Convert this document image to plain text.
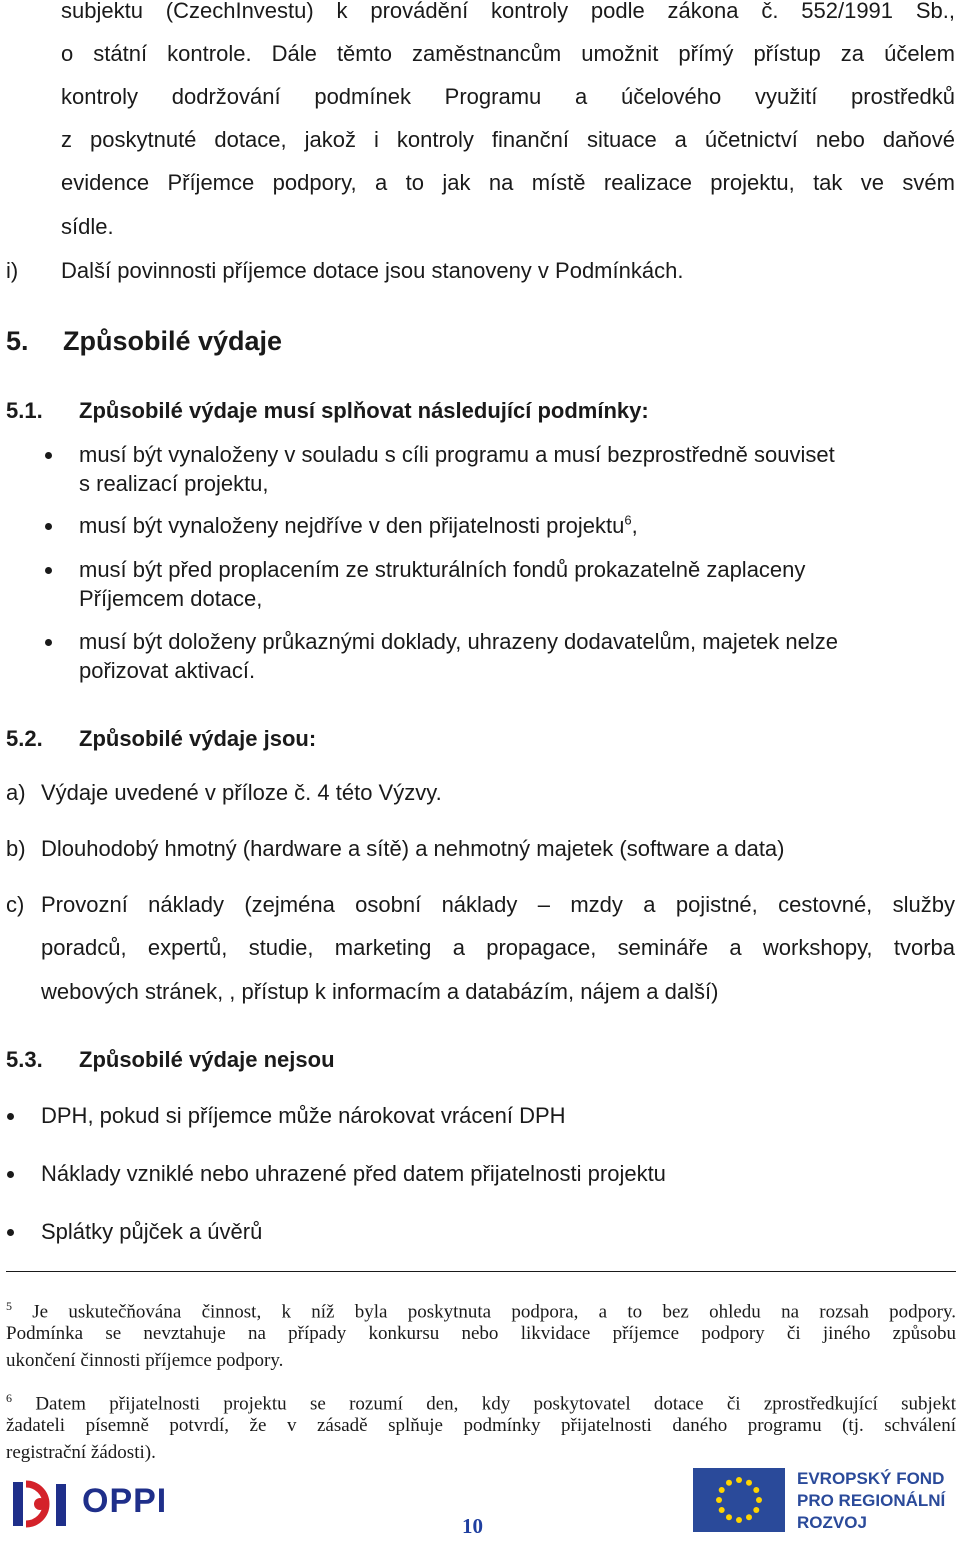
subjektu (CzechInvestu) k provádění kontroly podle zákona č. 552/1991 Sb.,
o státní kontrole. Dále těmto zaměstnancům umožnit přímý přístup za účelem
kontroly dodržování podmínek Programu a účelového využití prostředků
z poskytnuté dotace, jakož i kontroly finanční situace a účetnictví nebo daňové
evidence Příjemce podpory, a to jak na místě realizace projektu, tak ve svém
sídle.
i) Další povinnosti příjemce dotace jsou stanoveny v Podmínkách.
5. Způsobilé výdaje
5.1. Způsobilé výdaje musí splňovat následující podmínky:
musí být vynaloženy v souladu s cíli programu a musí bezprostředně souviset
s realizací projektu,
musí být vynaloženy nejdříve v den přijatelnosti projektu$^6$,
musí být před proplacením ze strukturálních fondů prokazatelně zaplaceny
Příjemcem dotace,
musí být doloženy průkaznými doklady, uhrazeny dodavatelům, majetek nelze
pořizovat aktivací.
5.2. Způsobilé výdaje jsou:
a) Výdaje uvedené v příloze č. 4 této Výzvy.
b) Dlouhodobý hmotný (hardware a sítě) a nehmotný majetek (software a data)
c) Provozní náklady (zejména osobní náklady – mzdy a pojistné, cestovné, služby
poradců, expertů, studie, marketing a propagace, semináře a workshopy, tvorba
webových stránek, , přístup k informacím a databázím, nájem a další)
5.3. Způsobilé výdaje nejsou
DPH, pokud si příjemce může nárokovat vrácení DPH
Náklady vzniklé nebo uhrazené před datem přijatelnosti projektu
Splátky půjček a úvěrů
$^5$ Je uskutečňována činnost, k níž byla poskytnuta podpora, a to bez ohledu na rozsah podpory.
Podmínka se nevztahuje na případy konkursu nebo likvidace příjemce podpory či jiného způsobu
ukončení činnosti příjemce podpory.
$^6$ Datem přijatelnosti projektu se rozumí den, kdy poskytovatel dotace či zprostředkující subjekt
žadateli písemně potvrdí, že v zásadě splňuje podmínky přijatelnosti daného programu (tj. schválení
registrační žádosti).
OPPI
10
EVROPSKÝ FOND
PRO REGIONÁLNÍ
ROZVOJ
